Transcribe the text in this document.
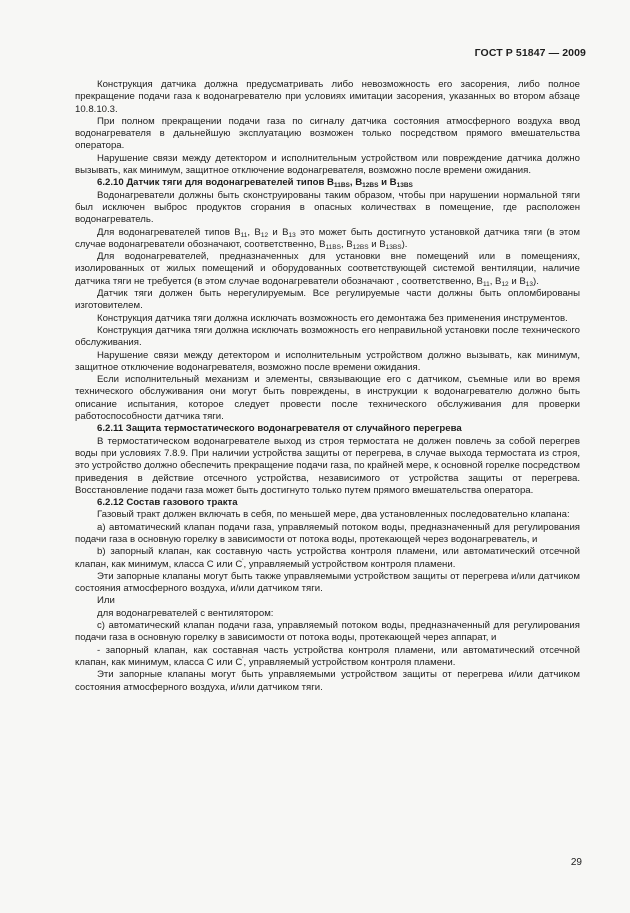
ГОСТ Р 51847 — 2009

Конструкция датчика должна предусматривать либо невозможность его засорения, либо полное прекращение подачи газа к водонагревателю при условиях имитации засорения, указанных во втором абзаце 10.8.10.3.

При полном прекращении подачи газа по сигналу датчика состояния атмосферного воздуха ввод водонагревателя в дальнейшую эксплуатацию возможен только посредством прямого вмешательства оператора.

Нарушение связи между детектором и исполнительным устройством или повреждение датчика должно вызывать, как минимум, защитное отключение водонагревателя, возможно после времени ожидания.

6.2.10 Датчик тяги для водонагревателей типов $B_{11BS}$, $B_{12BS}$ и $B_{13BS}$

Водонагреватели должны быть сконструированы таким образом, чтобы при нарушении нормальной тяги был исключен выброс продуктов сгорания в опасных количествах в помещение, где расположен водонагреватель.

Для водонагревателей типов $B_{11}$, $B_{12}$ и $B_{13}$ это может быть достигнуто установкой датчика тяги (в этом случае водонагреватели обозначают, соответственно, $B_{11BS}$, $B_{12BS}$ и $B_{13BS}$).

Для водонагревателей, предназначенных для установки вне помещений или в помещениях, изолированных от жилых помещений и оборудованных соответствующей системой вентиляции, наличие датчика тяги не требуется (в этом случае водонагреватели обозначают , соответственно, $B_{11}$, $B_{12}$ и $B_{13}$).

Датчик тяги должен быть нерегулируемым. Все регулируемые части должны быть опломбированы изготовителем.

Конструкция датчика тяги должна исключать возможность его демонтажа без применения инструментов.

Конструкция датчика тяги должна исключать возможность его неправильной установки после технического обслуживания.

Нарушение связи между детектором и исполнительным устройством должно вызывать, как минимум, защитное отключение водонагревателя, возможно после времени ожидания.

Если исполнительный механизм и элементы, связывающие его с датчиком, съемные или во время технического обслуживания они могут быть повреждены, в инструкции к водонагревателю должно быть описание испытания, которое следует провести после технического обслуживания для проверки работоспособности датчика тяги.

6.2.11 Защита термостатического водонагревателя от случайного перегрева

В термостатическом водонагревателе выход из строя термостата не должен повлечь за собой перегрев воды при условиях 7.8.9. При наличии устройства защиты от перегрева, в случае выхода термостата из строя, это устройство должно обеспечить прекращение подачи газа, по крайней мере, к основной горелке посредством приведения в действие отсечного устройства, независимого от устройства защиты от перегрева. Восстановление подачи газа может быть достигнуто только путем прямого вмешательства оператора.

6.2.12 Состав газового тракта

Газовый тракт должен включать в себя, по меньшей мере, два установленных последовательно клапана:

а) автоматический клапан подачи газа, управляемый потоком воды, предназначенный для регулирования подачи газа в основную горелку в зависимости от потока воды, протекающей через водонагреватель, и

b) запорный клапан, как составную часть устройства контроля пламени, или автоматический отсечной клапан, как минимум, класса С или С', управляемый устройством контроля пламени.

Эти запорные клапаны могут быть также управляемыми устройством защиты от перегрева и/или датчиком состояния атмосферного воздуха, и/или датчиком тяги.

Или

для водонагревателей с вентилятором:

с) автоматический клапан подачи газа, управляемый потоком воды, предназначенный для регулирования подачи газа в основную горелку в зависимости от потока воды, протекающей через аппарат, и

- запорный клапан, как составная часть устройства контроля пламени, или автоматический отсечной клапан, как минимум, класса С или С', управляемый устройством контроля пламени.

Эти запорные клапаны могут быть управляемыми устройством защиты от перегрева и/или датчиком состояния атмосферного воздуха, и/или датчиком тяги.

29
